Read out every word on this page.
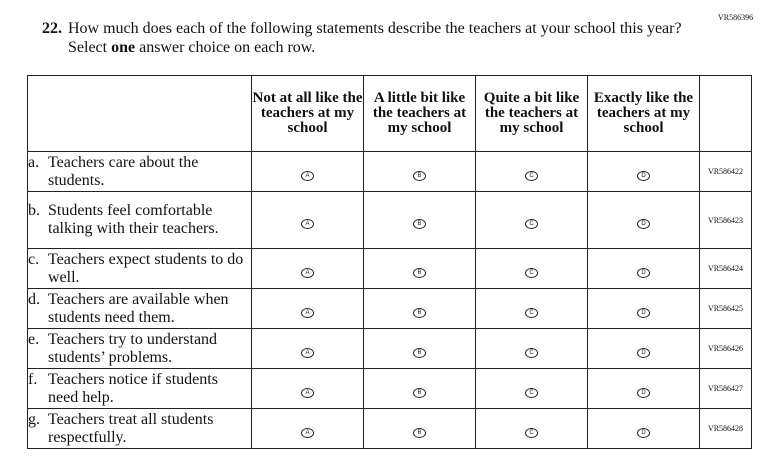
VR586396
22. How much does each of the following statements describe the teachers at your school this year? Select one answer choice on each row.
	Not at all like the teachers at my school	A little bit like the teachers at my school	Quite a bit like the teachers at my school	Exactly like the teachers at my school	

a. Teachers care about the students.	A	B	C	D	VR586422

b. Students feel comfortable talking with their teachers.	A	B	C	D	VR586423

c. Teachers expect students to do well.	A	B	C	D	VR586424

d. Teachers are available when students need them.	A	B	C	D	VR586425

e. Teachers try to understand students’ problems.	A	B	C	D	VR586426

f. Teachers notice if students need help.	A	B	C	D	VR586427

g. Teachers treat all students respectfully.	A	B	C	D	VR586428
